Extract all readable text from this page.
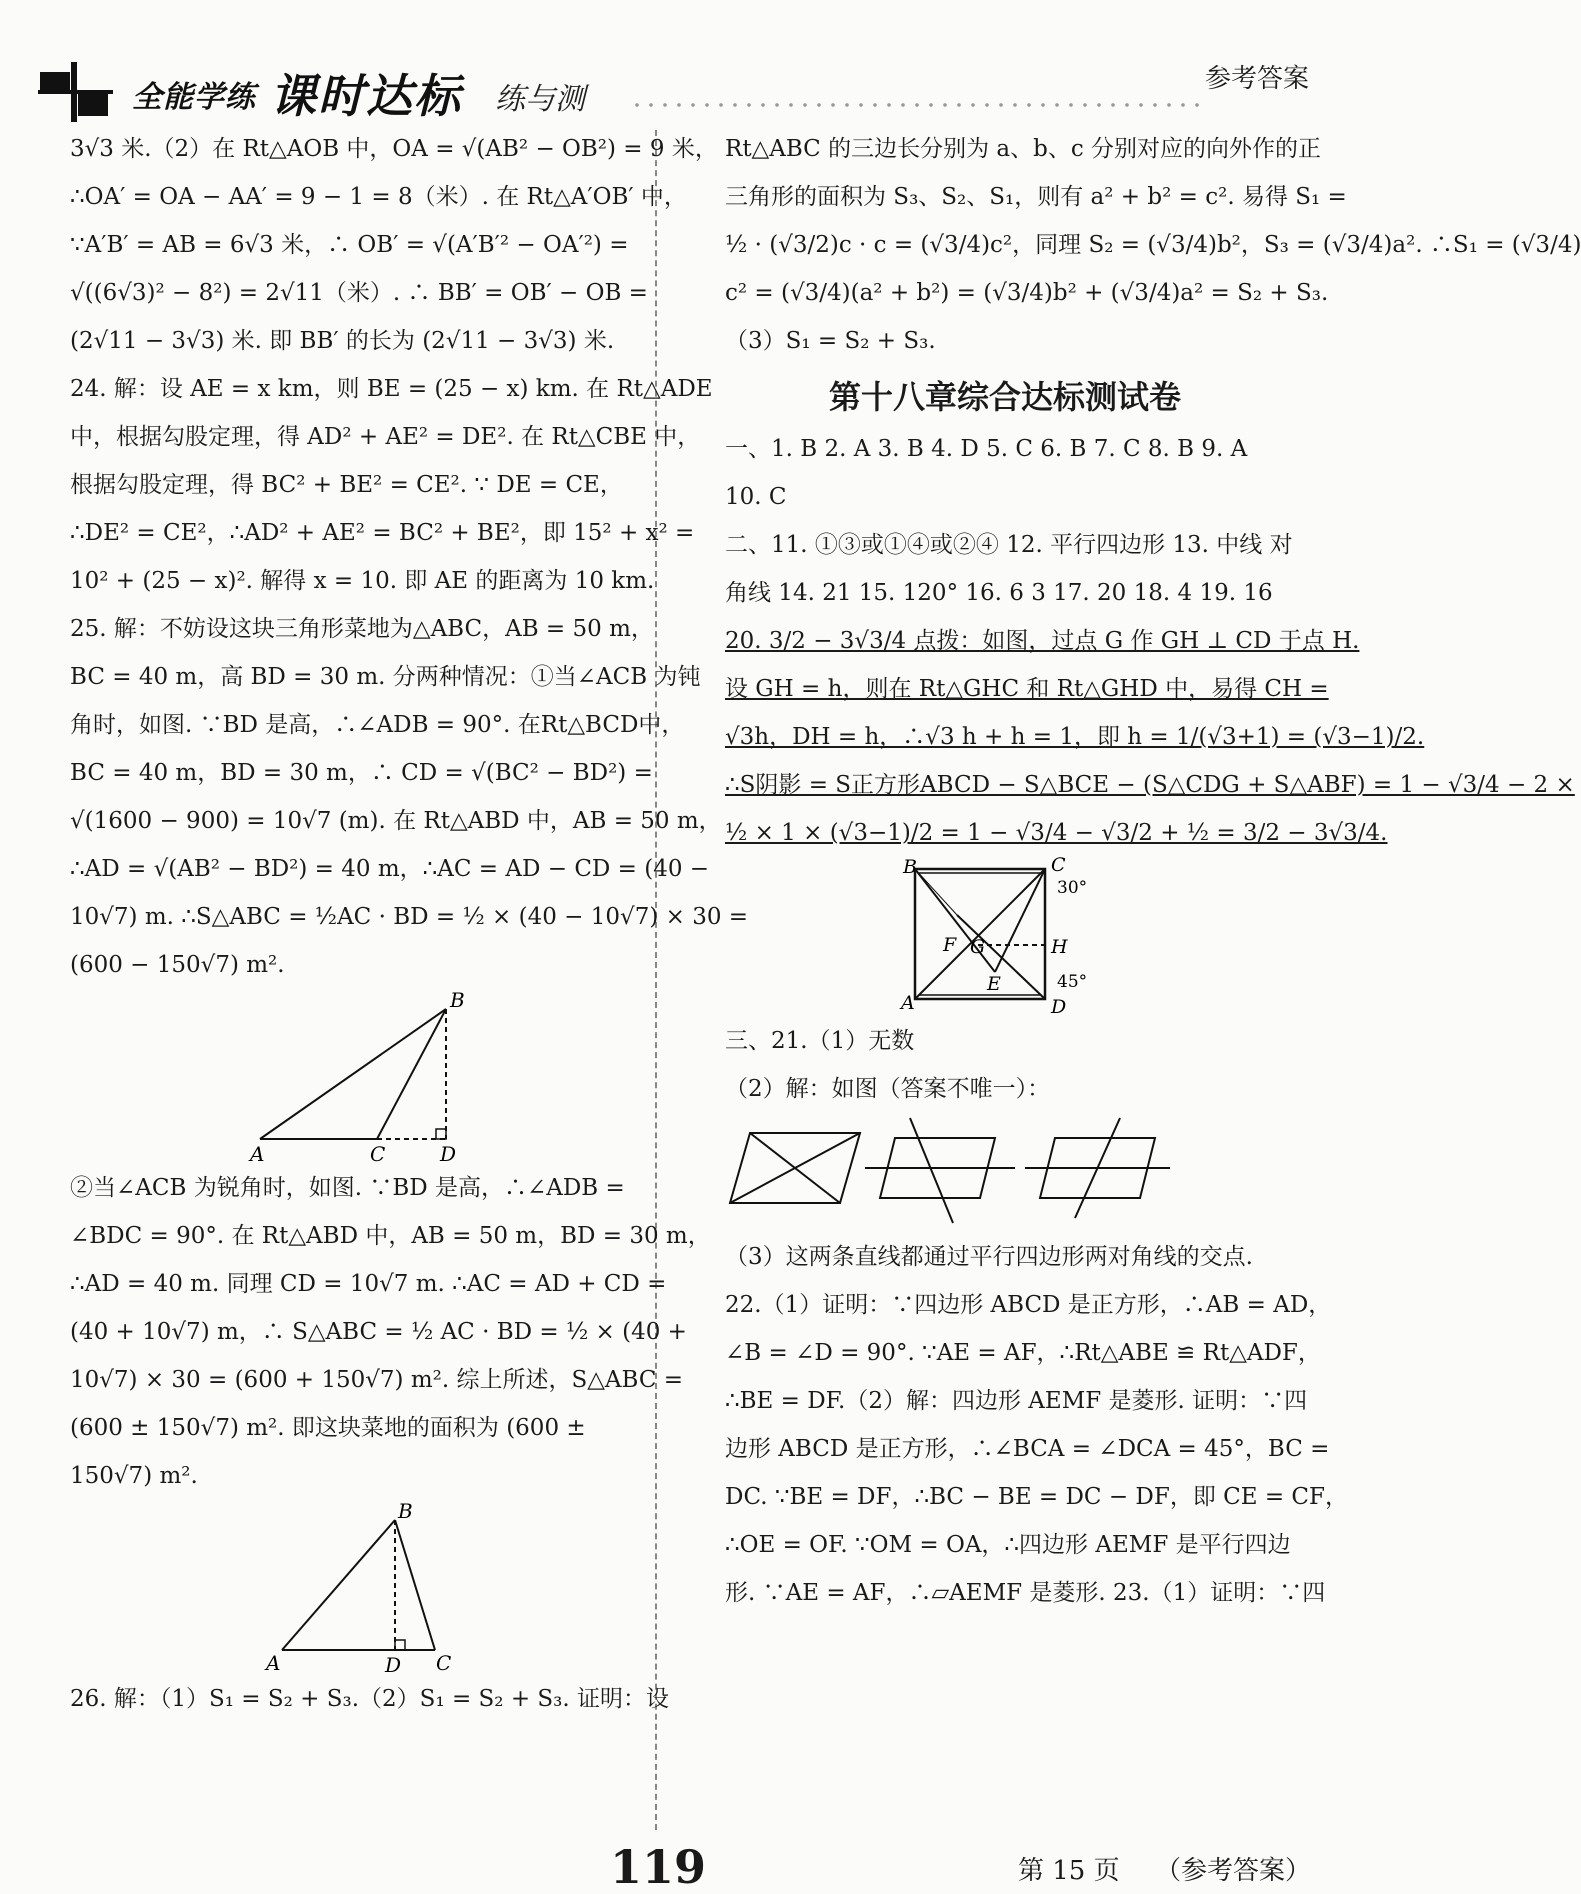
全能学练 课时达标 练与测
参考答案

3√3 米.（2）在 Rt△AOB 中，OA = √(AB² − OB²) = 9 米，

∴OA′ = OA − AA′ = 9 − 1 = 8（米）. 在 Rt△A′OB′ 中，

∵A′B′ = AB = 6√3 米，∴ OB′ = √(A′B′² − OA′²) =

√((6√3)² − 8²) = 2√11（米）. ∴ BB′ = OB′ − OB =

(2√11 − 3√3) 米. 即 BB′ 的长为 (2√11 − 3√3) 米.

24. 解：设 AE = x km，则 BE = (25 − x) km. 在 Rt△ADE

中，根据勾股定理，得 AD² + AE² = DE². 在 Rt△CBE 中，

根据勾股定理，得 BC² + BE² = CE². ∵ DE = CE，

∴DE² = CE²，∴AD² + AE² = BC² + BE²，即 15² + x² =

10² + (25 − x)². 解得 x = 10. 即 AE 的距离为 10 km.

25. 解：不妨设这块三角形菜地为△ABC，AB = 50 m，

BC = 40 m，高 BD = 30 m. 分两种情况：①当∠ACB 为钝

角时，如图. ∵BD 是高，∴∠ADB = 90°. 在Rt△BCD中，

BC = 40 m，BD = 30 m，∴ CD = √(BC² − BD²) =

√(1600 − 900) = 10√7 (m). 在 Rt△ABD 中，AB = 50 m，

∴AD = √(AB² − BD²) = 40 m，∴AC = AD − CD = (40 −

10√7) m. ∴S△ABC = ½AC · BD = ½ × (40 − 10√7) × 30 =

(600 − 150√7) m².

A
B
C	D

②当∠ACB 为锐角时，如图. ∵BD 是高，∴∠ADB =

∠BDC = 90°. 在 Rt△ABD 中，AB = 50 m，BD = 30 m，

∴AD = 40 m. 同理 CD = 10√7 m. ∴AC = AD + CD =

(40 + 10√7) m，∴ S△ABC = ½ AC · BD = ½ × (40 +

10√7) × 30 = (600 + 150√7) m². 综上所述，S△ABC =

(600 ± 150√7) m². 即这块菜地的面积为 (600 ±

150√7) m².

A
B
C
D

26. 解：（1）S₁ = S₂ + S₃.（2）S₁ = S₂ + S₃. 证明：设

Rt△ABC 的三边长分别为 a、b、c 分别对应的向外作的正

三角形的面积为 S₃、S₂、S₁，则有 a² + b² = c². 易得 S₁ =

½ · (√3/2)c · c = (√3/4)c²，同理 S₂ = (√3/4)b²，S₃ = (√3/4)a². ∴S₁ = (√3/4)

c² = (√3/4)(a² + b²) = (√3/4)b² + (√3/4)a² = S₂ + S₃.

（3）S₁ = S₂ + S₃.

第十八章综合达标测试卷

一、1. B 2. A 3. B 4. D 5. C 6. B 7. C 8. B 9. A

10. C

二、11. ①③或①④或②④ 12. 平行四边形 13. 中线 对

角线 14. 21 15. 120° 16. 6 3 17. 20 18. 4 19. 16

20. 3/2 − 3√3/4 点拨：如图，过点 G 作 GH ⊥ CD 于点 H.

设 GH = h，则在 Rt△GHC 和 Rt△GHD 中，易得 CH =

√3h，DH = h，∴√3 h + h = 1，即 h = 1/(√3+1) = (√3−1)/2.

∴S阴影 = S正方形ABCD − S△BCE − (S△CDG + S△ABF) = 1 − √3/4 − 2 ×

½ × 1 × (√3−1)/2 = 1 − √3/4 − √3/2 + ½ = 3/2 − 3√3/4.

B	C
30°
F G	H
E	45°
A	D

三、21.（1）无数

（2）解：如图（答案不唯一）：

（3）这两条直线都通过平行四边形两对角线的交点.

22.（1）证明：∵四边形 ABCD 是正方形，∴AB = AD，

∠B = ∠D = 90°. ∵AE = AF，∴Rt△ABE ≌ Rt△ADF，

∴BE = DF.（2）解：四边形 AEMF 是菱形. 证明：∵四

边形 ABCD 是正方形，∴∠BCA = ∠DCA = 45°，BC =

DC. ∵BE = DF，∴BC − BE = DC − DF，即 CE = CF，

∴OE = OF. ∵OM = OA，∴四边形 AEMF 是平行四边

形. ∵AE = AF，∴▱AEMF 是菱形. 23.（1）证明：∵四

119	第 15 页 （参考答案）
